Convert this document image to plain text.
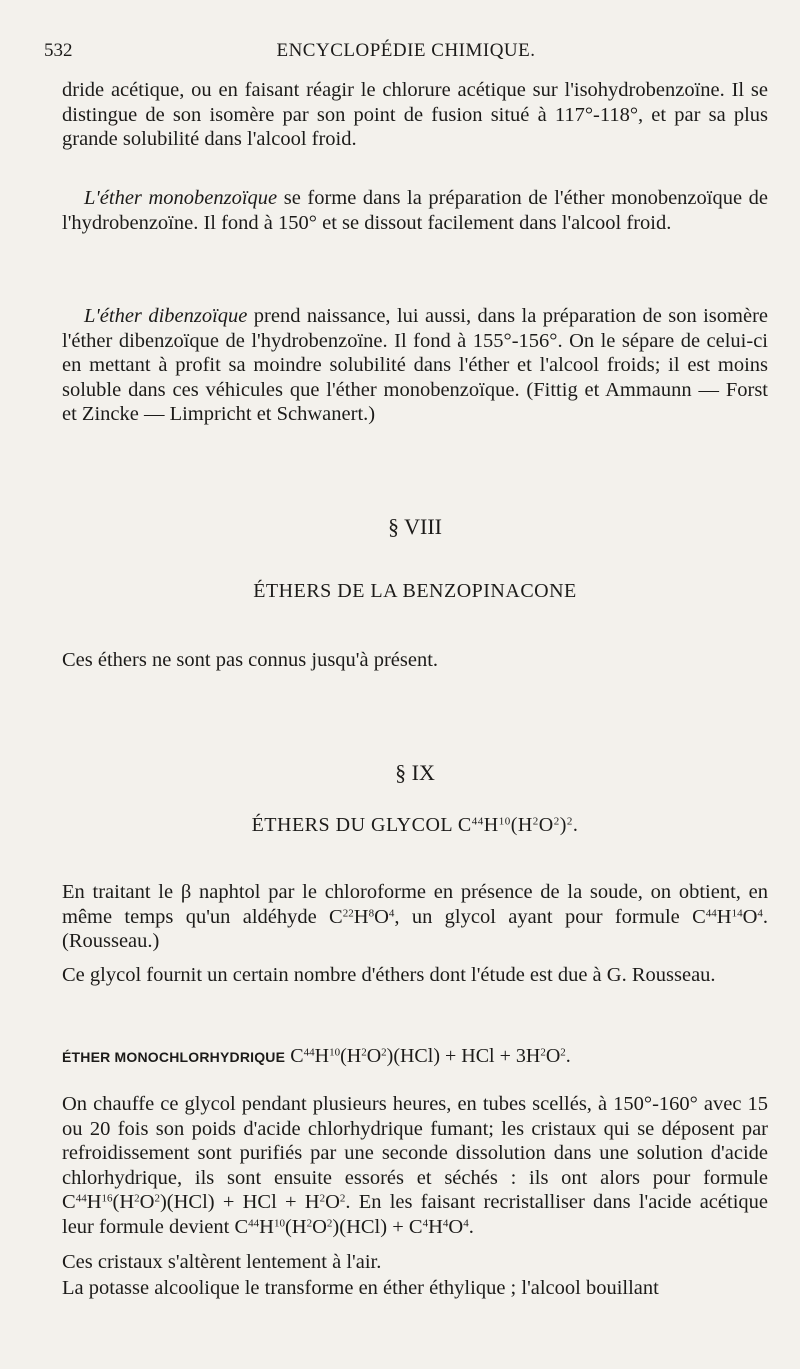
532	ENCYCLOPÉDIE CHIMIQUE.

dride acétique, ou en faisant réagir le chlorure acétique sur l'isohydrobenzoïne. Il se distingue de son isomère par son point de fusion situé à 117°-118°, et par sa plus grande solubilité dans l'alcool froid.

L'éther monobenzoïque se forme dans la préparation de l'éther monobenzoïque de l'hydrobenzoïne. Il fond à 150° et se dissout facilement dans l'alcool froid.

L'éther dibenzoïque prend naissance, lui aussi, dans la préparation de son isomère l'éther dibenzoïque de l'hydrobenzoïne. Il fond à 155°-156°. On le sépare de celui-ci en mettant à profit sa moindre solubilité dans l'éther et l'alcool froids; il est moins soluble dans ces véhicules que l'éther monobenzoïque. (Fittig et Ammaunn — Forst et Zincke — Limpricht et Schwanert.)

§ VIII
ÉTHERS DE LA BENZOPINACONE

Ces éthers ne sont pas connus jusqu'à présent.

§ IX
ÉTHERS DU GLYCOL $C^{44}H^{10}(H^2O^2)^2$.

En traitant le β naphtol par le chloroforme en présence de la soude, on obtient, en même temps qu'un aldéhyde $C^{22}H^8O^4$, un glycol ayant pour formule $C^{44}H^{14}O^4$. (Rousseau.)

Ce glycol fournit un certain nombre d'éthers dont l'étude est due à G. Rousseau.

ÉTHER MONOCHLORHYDRIQUE $C^{44}H^{10}(H^2O^2)(HCl)$ + HCl + $3H^2O^2$.

On chauffe ce glycol pendant plusieurs heures, en tubes scellés, à 150°-160° avec 15 ou 20 fois son poids d'acide chlorhydrique fumant; les cristaux qui se déposent par refroidissement sont purifiés par une seconde dissolution dans une solution d'acide chlorhydrique, ils sont ensuite essorés et séchés : ils ont alors pour formule $C^{44}H^{16}(H^2O^2)(HCl)$ + HCl + $H^2O^2$. En les faisant recristalliser dans l'acide acétique leur formule devient $C^{44}H^{10}(H^2O^2)(HCl) + C^4H^4O^4$.

Ces cristaux s'altèrent lentement à l'air.

La potasse alcoolique le transforme en éther éthylique ; l'alcool bouillant
